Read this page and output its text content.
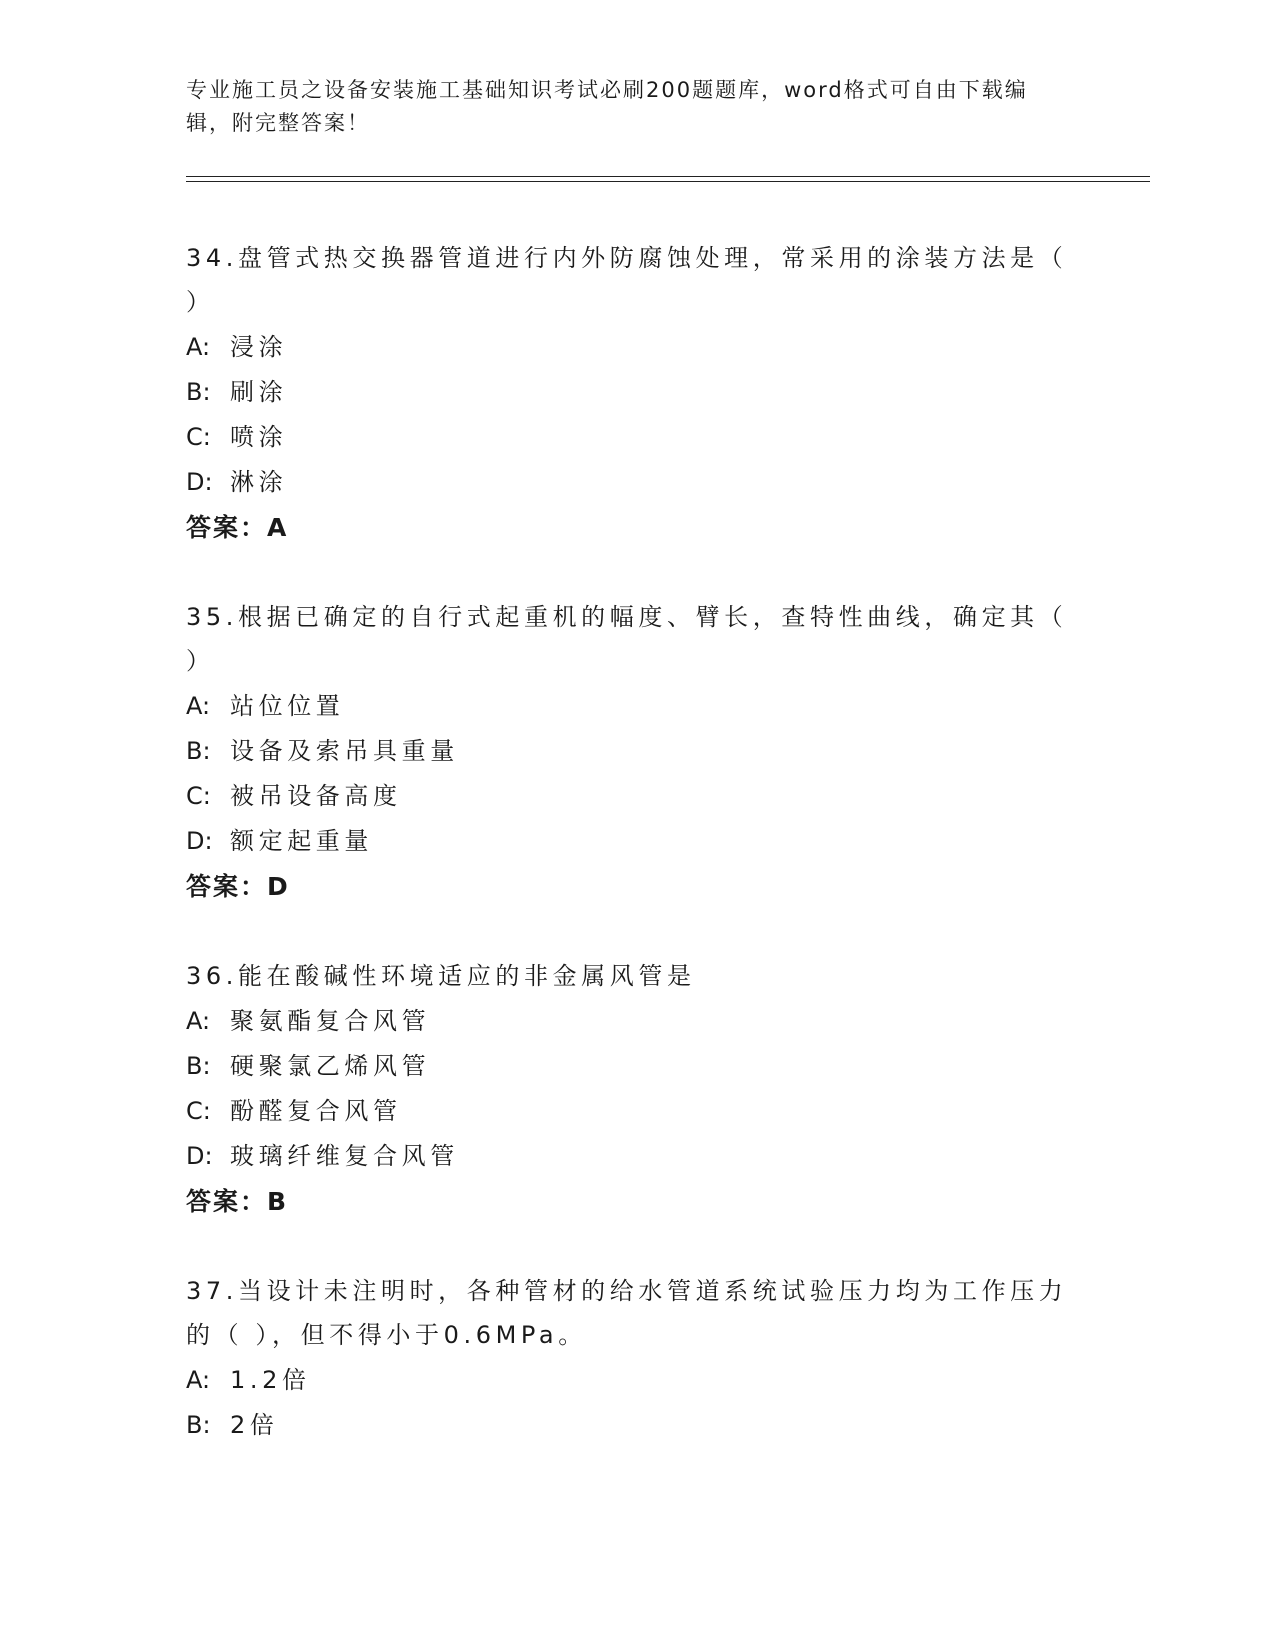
专业施工员之设备安装施工基础知识考试必刷200题题库，word格式可自由下载编辑，附完整答案！
34.盘管式热交换器管道进行内外防腐蚀处理，常采用的涂装方法是（ ）
A: 浸涂
B: 刷涂
C: 喷涂
D: 淋涂
答案：A
35.根据已确定的自行式起重机的幅度、臂长，查特性曲线，确定其（ ）
A: 站位位置
B: 设备及索吊具重量
C: 被吊设备高度
D: 额定起重量
答案：D
36.能在酸碱性环境适应的非金属风管是
A: 聚氨酯复合风管
B: 硬聚氯乙烯风管
C: 酚醛复合风管
D: 玻璃纤维复合风管
答案：B
37.当设计未注明时，各种管材的给水管道系统试验压力均为工作压力的（ ），但不得小于0.6MPa。
A: 1.2倍
B: 2倍
